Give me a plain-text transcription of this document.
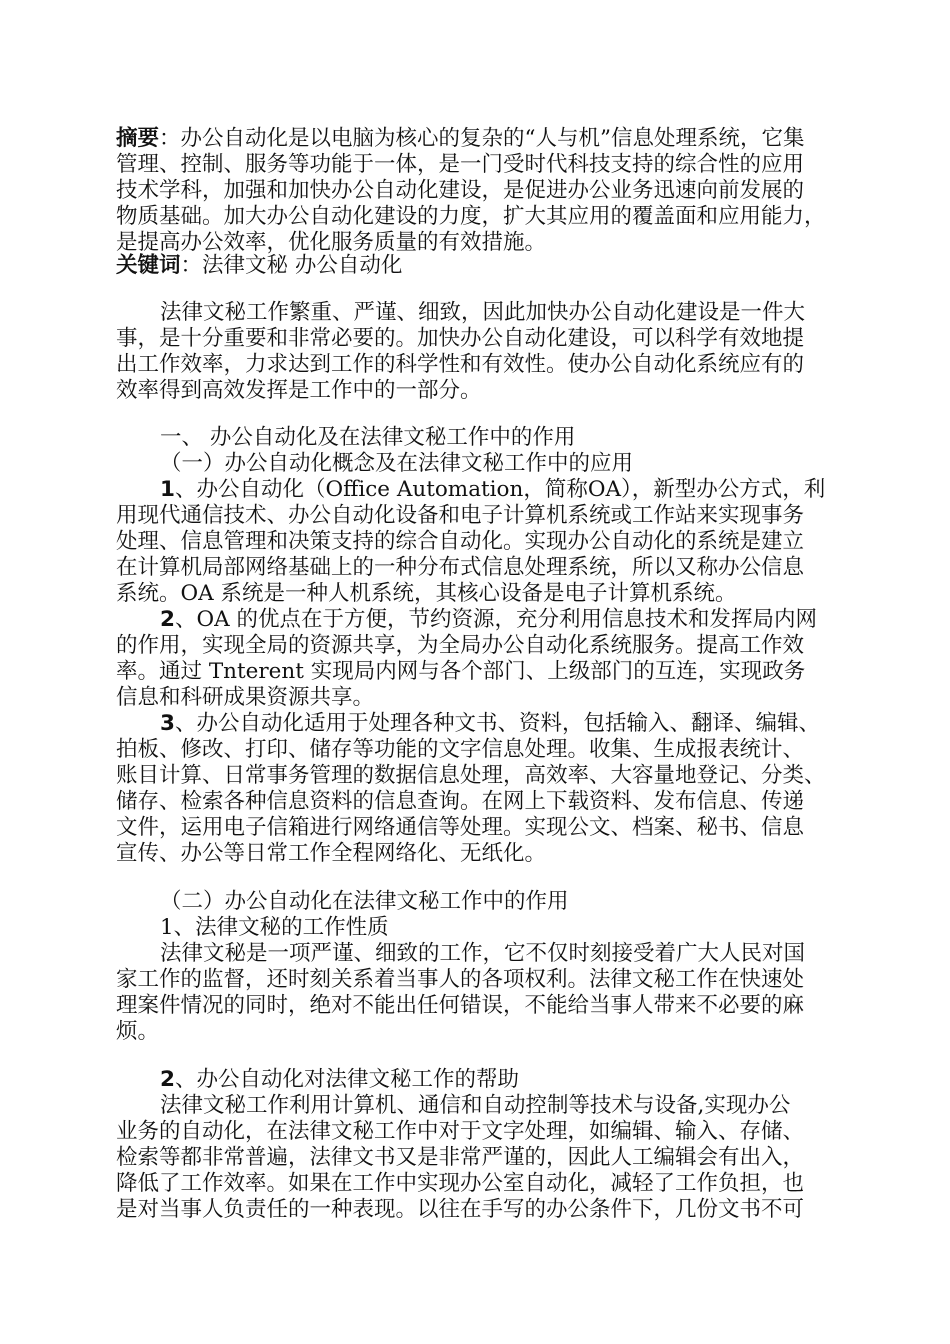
摘要：办公自动化是以电脑为核心的复杂的“人与机”信息处理系统，它集
管理、控制、服务等功能于一体，是一门受时代科技支持的综合性的应用
技术学科，加强和加快办公自动化建设，是促进办公业务迅速向前发展的
物质基础。加大办公自动化建设的力度，扩大其应用的覆盖面和应用能力，
是提高办公效率，优化服务质量的有效措施。
关键词：法律文秘 办公自动化
法律文秘工作繁重、严谨、细致，因此加快办公自动化建设是一件大
事，是十分重要和非常必要的。加快办公自动化建设，可以科学有效地提
出工作效率，力求达到工作的科学性和有效性。使办公自动化系统应有的
效率得到高效发挥是工作中的一部分。
一、 办公自动化及在法律文秘工作中的作用
（一）办公自动化概念及在法律文秘工作中的应用
1、办公自动化（Office Automation，简称OA），新型办公方式，利
用现代通信技术、办公自动化设备和电子计算机系统或工作站来实现事务
处理、信息管理和决策支持的综合自动化。实现办公自动化的系统是建立
在计算机局部网络基础上的一种分布式信息处理系统，所以又称办公信息
系统。OA 系统是一种人机系统，其核心设备是电子计算机系统。
2、OA 的优点在于方便，节约资源，充分利用信息技术和发挥局内网
的作用，实现全局的资源共享，为全局办公自动化系统服务。提高工作效
率。通过 Tnterent 实现局内网与各个部门、上级部门的互连，实现政务
信息和科研成果资源共享。
3、办公自动化适用于处理各种文书、资料，包括输入、翻译、编辑、
拍板、修改、打印、储存等功能的文字信息处理。收集、生成报表统计、
账目计算、日常事务管理的数据信息处理，高效率、大容量地登记、分类、
储存、检索各种信息资料的信息查询。在网上下载资料、发布信息、传递
文件，运用电子信箱进行网络通信等处理。实现公文、档案、秘书、信息
宣传、办公等日常工作全程网络化、无纸化。
（二）办公自动化在法律文秘工作中的作用
1、法律文秘的工作性质
法律文秘是一项严谨、细致的工作，它不仅时刻接受着广大人民对国
家工作的监督，还时刻关系着当事人的各项权利。法律文秘工作在快速处
理案件情况的同时，绝对不能出任何错误，不能给当事人带来不必要的麻
烦。
2、办公自动化对法律文秘工作的帮助
法律文秘工作利用计算机、通信和自动控制等技术与设备,实现办公
业务的自动化，在法律文秘工作中对于文字处理，如编辑、输入、存储、
检索等都非常普遍，法律文书又是非常严谨的，因此人工编辑会有出入，
降低了工作效率。如果在工作中实现办公室自动化，减轻了工作负担，也
是对当事人负责任的一种表现。以往在手写的办公条件下，几份文书不可
